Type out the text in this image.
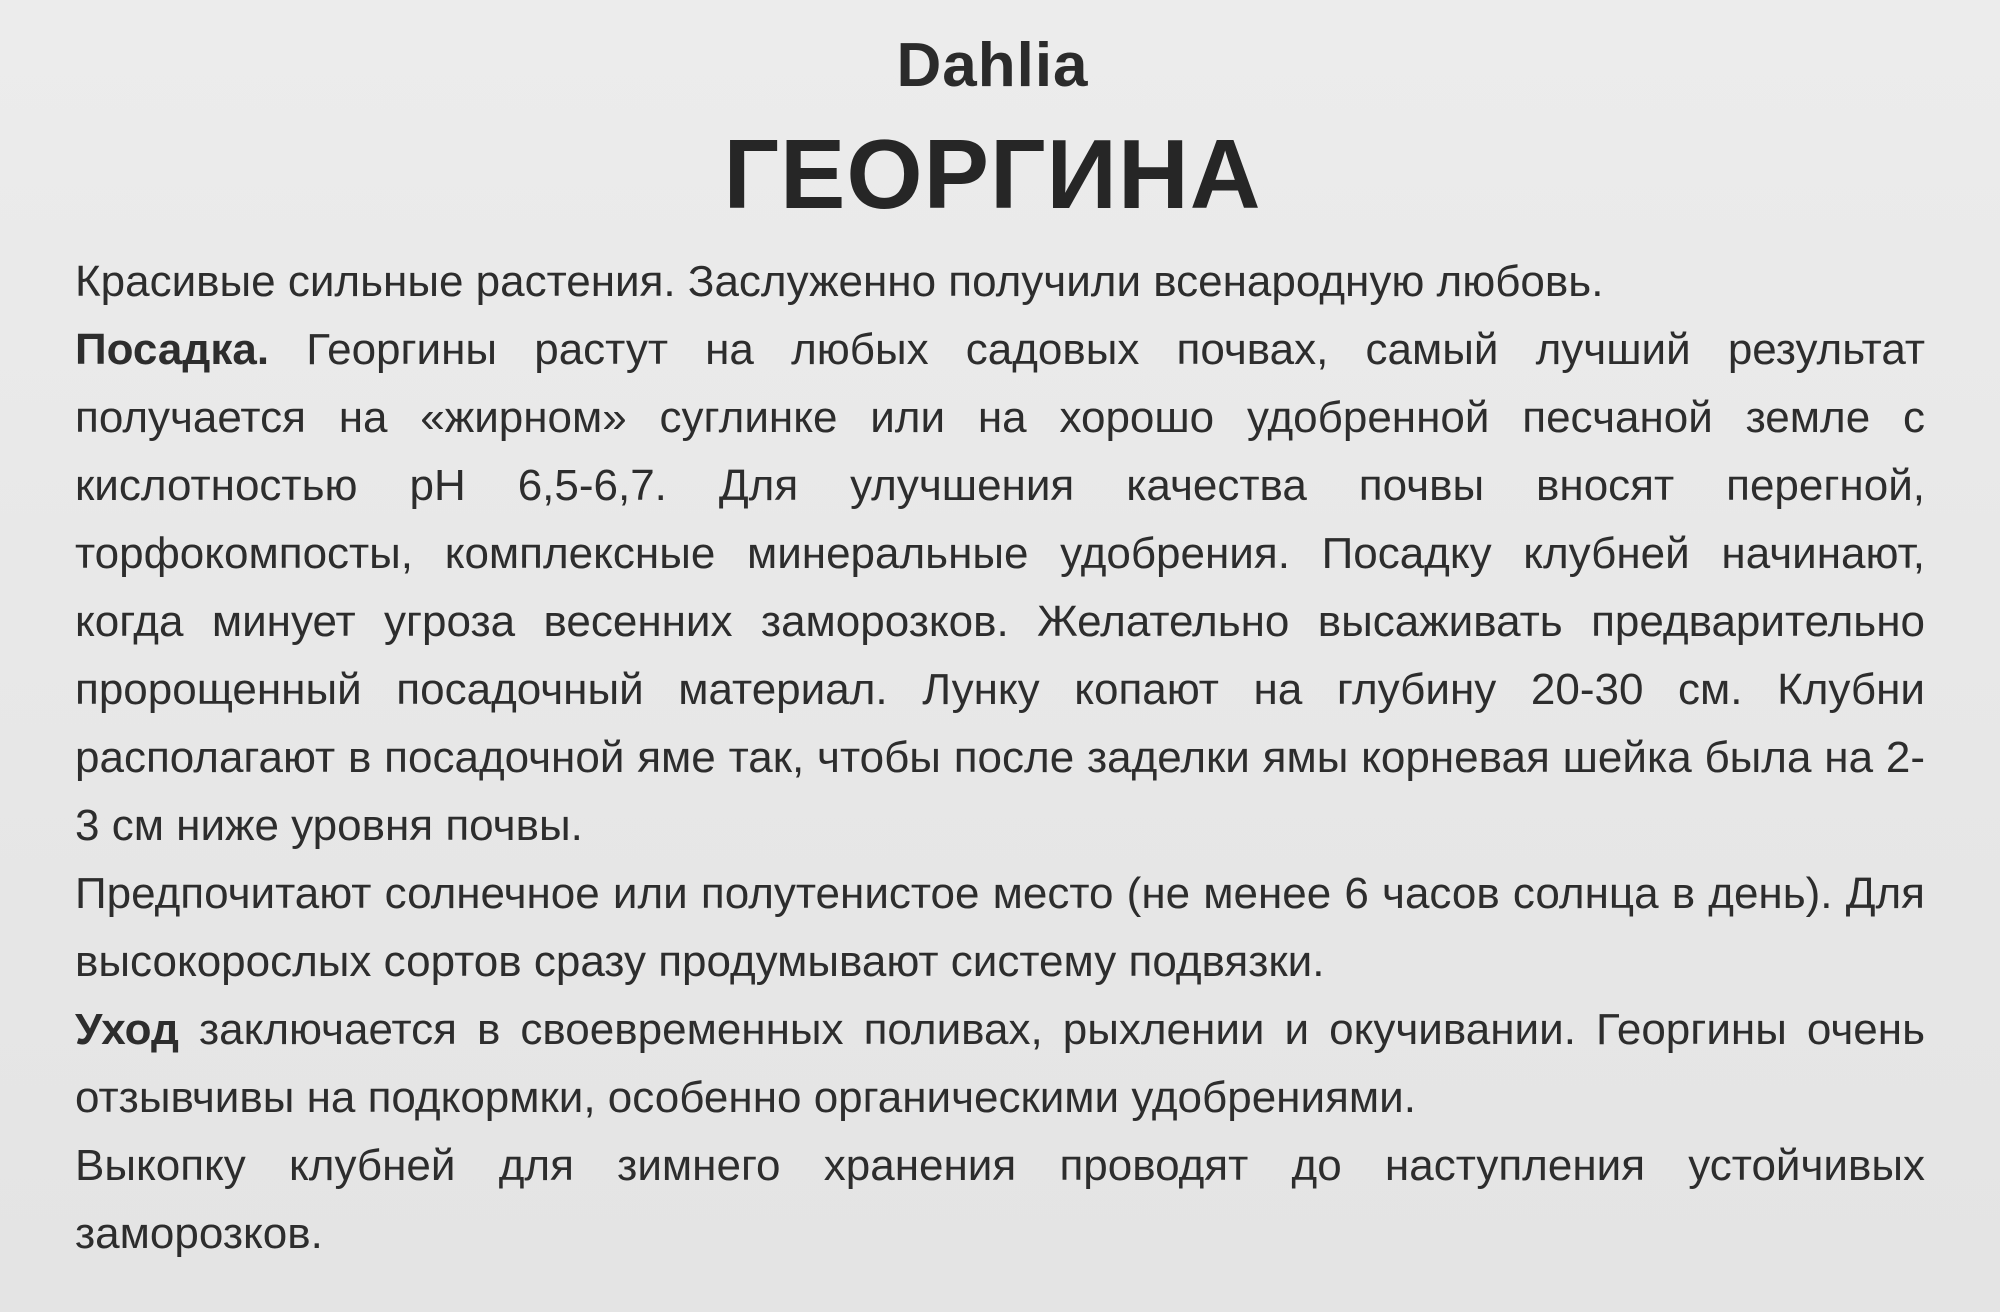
Dahlia
ГЕОРГИНА

Красивые сильные растения. Заслуженно получили всенародную любовь.

Посадка. Георгины растут на любых садовых почвах, самый лучший результат получается на «жирном» суглинке или на хорошо удобренной песчаной земле с кислотностью pH 6,5-6,7. Для улучшения качества почвы вносят перегной, торфокомпосты, комплексные минеральные удобрения. Посадку клубней начинают, когда минует угроза весенних заморозков. Желательно высаживать предварительно пророщенный посадочный материал. Лунку копают на глубину 20-30 см. Клубни располагают в посадочной яме так, чтобы после заделки ямы корневая шейка была на 2-3 см ниже уровня почвы.

Предпочитают солнечное или полутенистое место (не менее 6 часов солнца в день). Для высокорослых сортов сразу продумывают систему подвязки.

Уход заключается в своевременных поливах, рыхлении и окучивании. Георгины очень отзывчивы на подкормки, особенно органическими удобрениями.

Выкопку клубней для зимнего хранения проводят до наступления устойчивых заморозков.
